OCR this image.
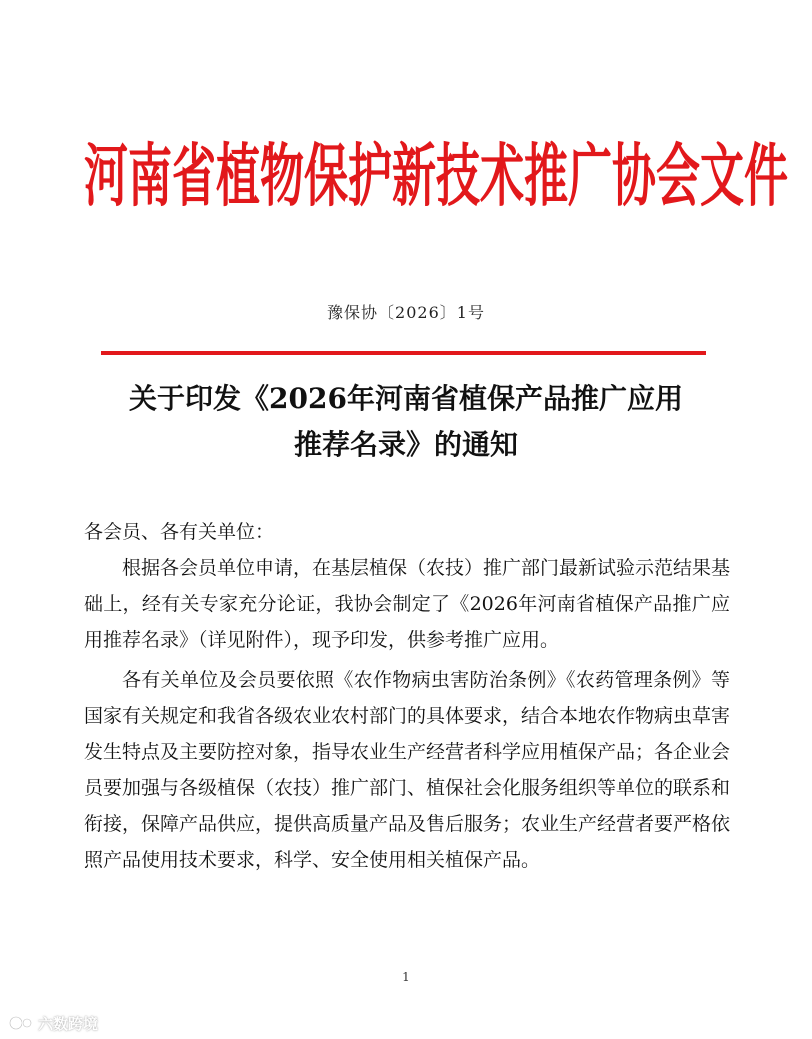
河南省植物保护新技术推广协会文件
豫保协〔2026〕1号
关于印发《2026年河南省植保产品推广应用
推荐名录》的通知
各会员、各有关单位：

根据各会员单位申请，在基层植保（农技）推广部门最新试验示范结果基础上，经有关专家充分论证，我协会制定了《2026年河南省植保产品推广应用推荐名录》（详见附件），现予印发，供参考推广应用。

各有关单位及会员要依照《农作物病虫害防治条例》《农药管理条例》等国家有关规定和我省各级农业农村部门的具体要求，结合本地农作物病虫草害发生特点及主要防控对象，指导农业生产经营者科学应用植保产品；各企业会员要加强与各级植保（农技）推广部门、植保社会化服务组织等单位的联系和衔接，保障产品供应，提供高质量产品及售后服务；农业生产经营者要严格依照产品使用技术要求，科学、安全使用相关植保产品。

1
六数跨境
